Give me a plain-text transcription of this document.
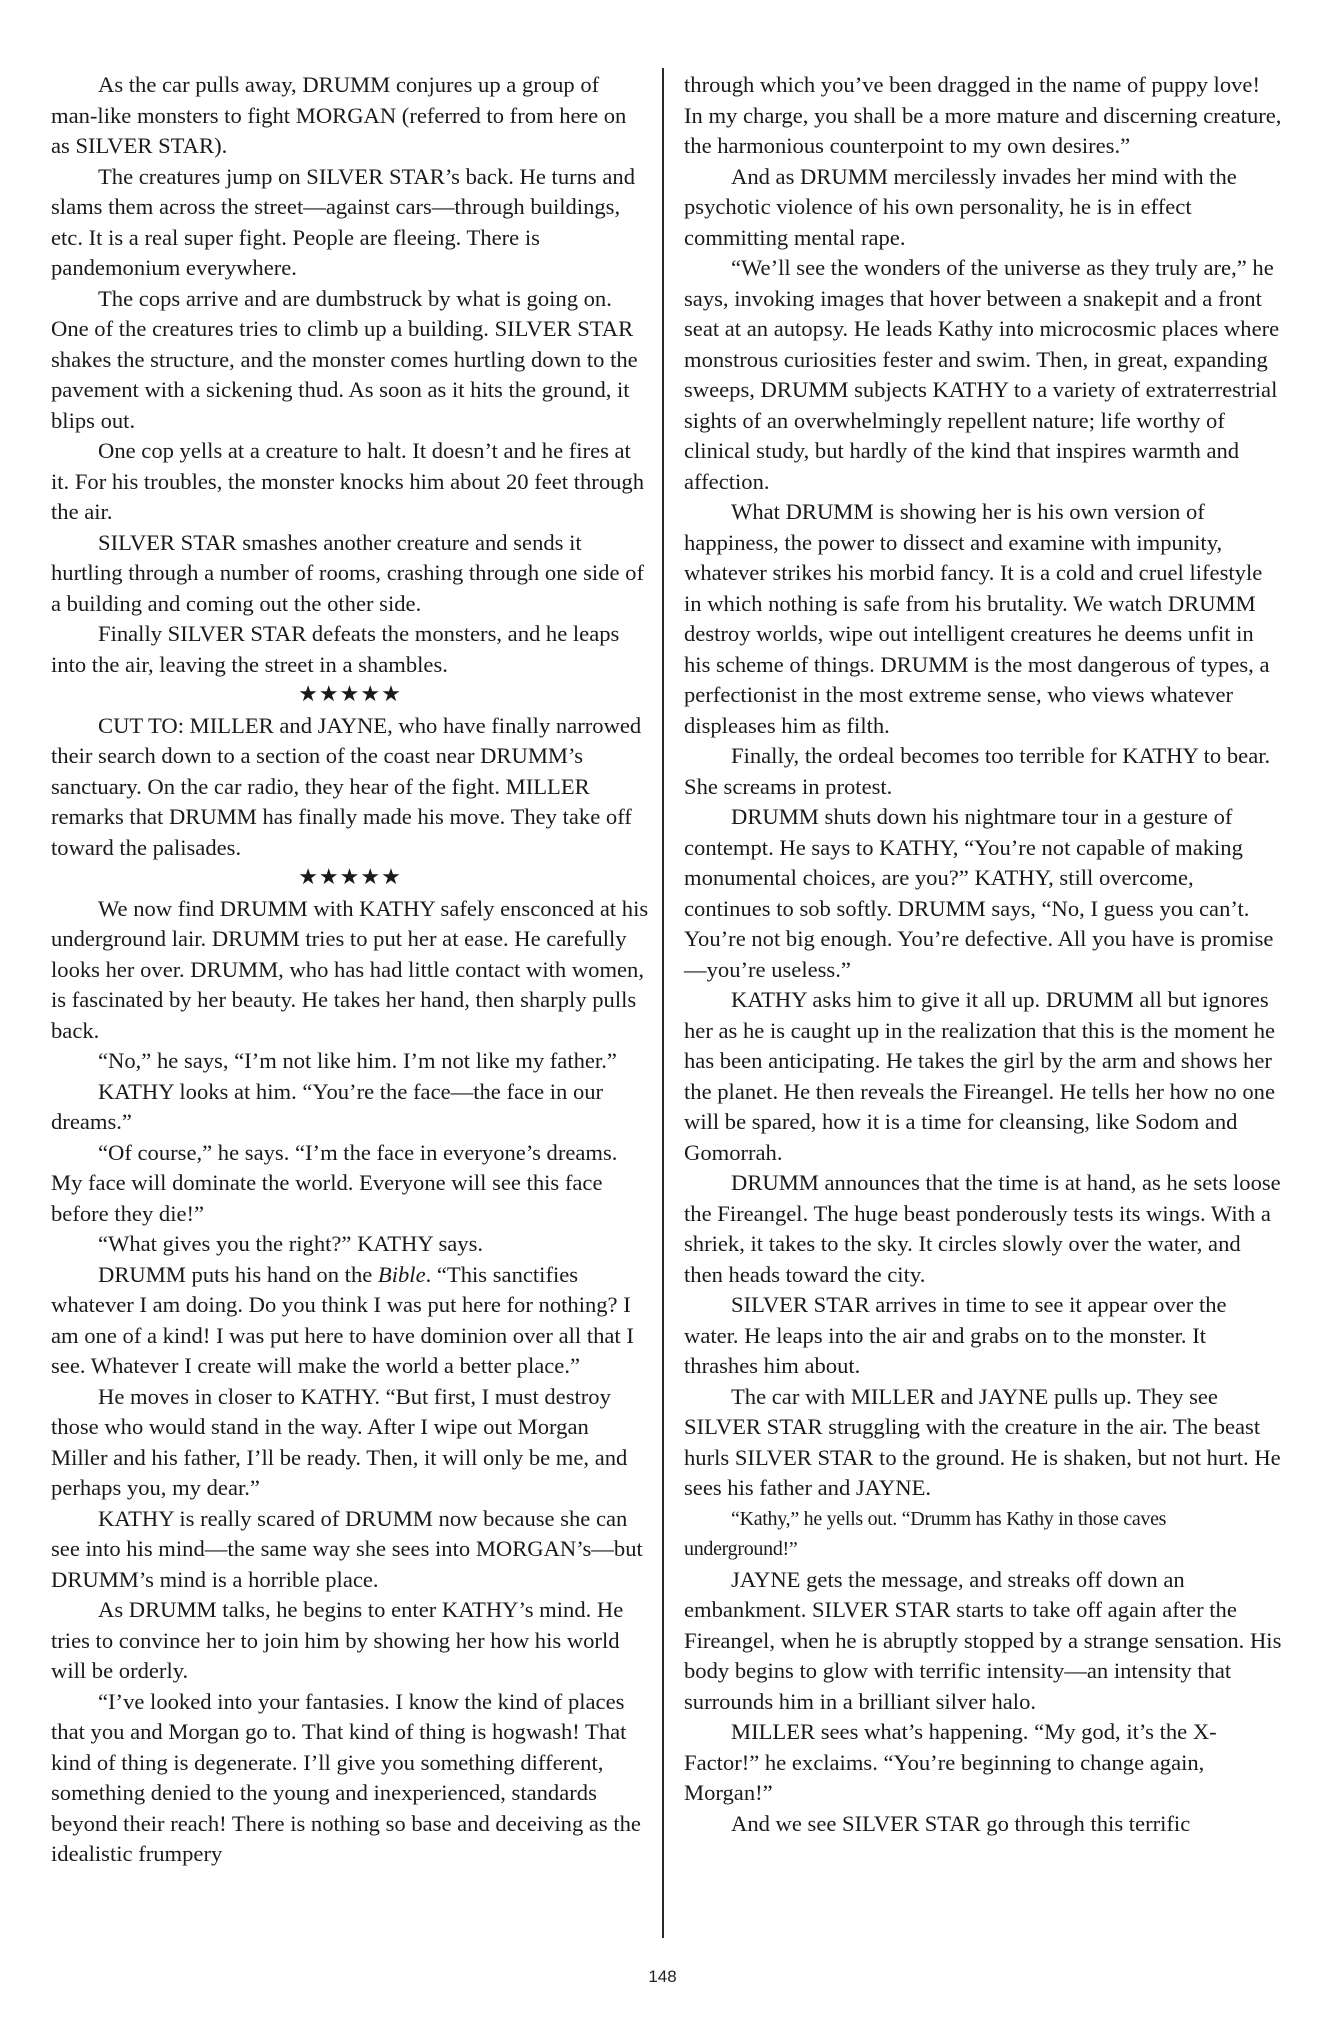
As the car pulls away, DRUMM conjures up a group of man-like monsters to fight MORGAN (referred to from here on as SILVER STAR).

The creatures jump on SILVER STAR’s back. He turns and slams them across the street—against cars—through buildings, etc. It is a real super fight. People are fleeing. There is pandemonium everywhere.

The cops arrive and are dumbstruck by what is going on. One of the creatures tries to climb up a building. SILVER STAR shakes the structure, and the monster comes hurtling down to the pavement with a sickening thud. As soon as it hits the ground, it blips out.

One cop yells at a creature to halt. It doesn’t and he fires at it. For his troubles, the monster knocks him about 20 feet through the air.

SILVER STAR smashes another creature and sends it hurtling through a number of rooms, crashing through one side of a building and coming out the other side.

Finally SILVER STAR defeats the monsters, and he leaps into the air, leaving the street in a shambles.

★★★★★

CUT TO: MILLER and JAYNE, who have finally narrowed their search down to a section of the coast near DRUMM’s sanctuary. On the car radio, they hear of the fight. MILLER remarks that DRUMM has finally made his move. They take off toward the palisades.

★★★★★

We now find DRUMM with KATHY safely ensconced at his underground lair. DRUMM tries to put her at ease. He carefully looks her over. DRUMM, who has had little contact with women, is fascinated by her beauty. He takes her hand, then sharply pulls back.

“No,” he says, “I’m not like him. I’m not like my father.”

KATHY looks at him. “You’re the face—the face in our dreams.”

“Of course,” he says. “I’m the face in everyone’s dreams. My face will dominate the world. Everyone will see this face before they die!”

“What gives you the right?” KATHY says.

DRUMM puts his hand on the Bible. “This sanctifies whatever I am doing. Do you think I was put here for nothing? I am one of a kind! I was put here to have dominion over all that I see. Whatever I create will make the world a better place.”

He moves in closer to KATHY. “But first, I must destroy those who would stand in the way. After I wipe out Morgan Miller and his father, I’ll be ready. Then, it will only be me, and perhaps you, my dear.”

KATHY is really scared of DRUMM now because she can see into his mind—the same way she sees into MORGAN’s—but DRUMM’s mind is a horrible place.

As DRUMM talks, he begins to enter KATHY’s mind. He tries to convince her to join him by showing her how his world will be orderly.

“I’ve looked into your fantasies. I know the kind of places that you and Morgan go to. That kind of thing is hogwash! That kind of thing is degenerate. I’ll give you something different, something denied to the young and inexperienced, standards beyond their reach! There is nothing so base and deceiving as the idealistic frumpery

through which you’ve been dragged in the name of puppy love! In my charge, you shall be a more mature and discerning creature, the harmonious counterpoint to my own desires.”

And as DRUMM mercilessly invades her mind with the psychotic violence of his own personality, he is in effect committing mental rape.

“We’ll see the wonders of the universe as they truly are,” he says, invoking images that hover between a snakepit and a front seat at an autopsy. He leads Kathy into microcosmic places where monstrous curiosities fester and swim. Then, in great, expanding sweeps, DRUMM subjects KATHY to a variety of extraterrestrial sights of an overwhelmingly repellent nature; life worthy of clinical study, but hardly of the kind that inspires warmth and affection.

What DRUMM is showing her is his own version of happiness, the power to dissect and examine with impunity, whatever strikes his morbid fancy. It is a cold and cruel lifestyle in which nothing is safe from his brutality. We watch DRUMM destroy worlds, wipe out intelligent creatures he deems unfit in his scheme of things. DRUMM is the most dangerous of types, a perfectionist in the most extreme sense, who views whatever displeases him as filth.

Finally, the ordeal becomes too terrible for KATHY to bear. She screams in protest.

DRUMM shuts down his nightmare tour in a gesture of contempt. He says to KATHY, “You’re not capable of making monumental choices, are you?” KATHY, still overcome, continues to sob softly. DRUMM says, “No, I guess you can’t. You’re not big enough. You’re defective. All you have is promise—you’re useless.”

KATHY asks him to give it all up. DRUMM all but ignores her as he is caught up in the realization that this is the moment he has been anticipating. He takes the girl by the arm and shows her the planet. He then reveals the Fireangel. He tells her how no one will be spared, how it is a time for cleansing, like Sodom and Gomorrah.

DRUMM announces that the time is at hand, as he sets loose the Fireangel. The huge beast ponderously tests its wings. With a shriek, it takes to the sky. It circles slowly over the water, and then heads toward the city.

SILVER STAR arrives in time to see it appear over the water. He leaps into the air and grabs on to the monster. It thrashes him about.

The car with MILLER and JAYNE pulls up. They see SILVER STAR struggling with the creature in the air. The beast hurls SILVER STAR to the ground. He is shaken, but not hurt. He sees his father and JAYNE.

“Kathy,” he yells out. “Drumm has Kathy in those caves underground!”

JAYNE gets the message, and streaks off down an embankment. SILVER STAR starts to take off again after the Fireangel, when he is abruptly stopped by a strange sensation. His body begins to glow with terrific intensity—an intensity that surrounds him in a brilliant silver halo.

MILLER sees what’s happening. “My god, it’s the X-Factor!” he exclaims. “You’re beginning to change again, Morgan!”

And we see SILVER STAR go through this terrific

148
